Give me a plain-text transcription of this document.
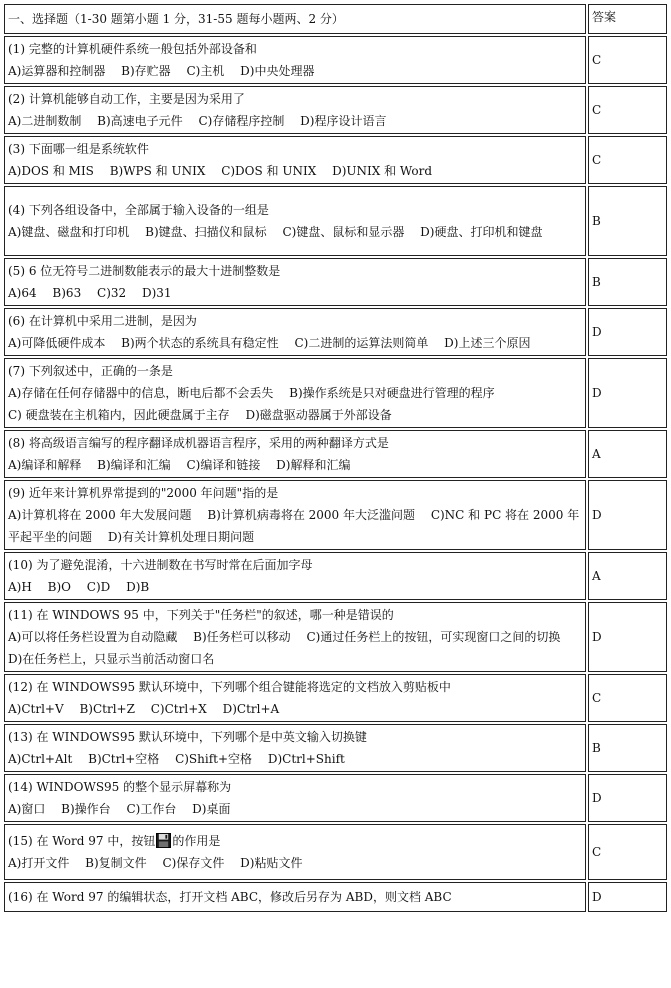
一、选择题（1-30 题第小题 1 分，31-55 题每小题两、2 分）	答案

(1) 完整的计算机硬件系统一般包括外部设备和
A)运算器和控制器　 B)存贮器　 C)主机　 D)中央处理器	C

(2) 计算机能够自动工作，主要是因为采用了
A)二进制数制　 B)高速电子元件　 C)存储程序控制　 D)程序设计语言	C

(3) 下面哪一组是系统软件
A)DOS 和 MIS　 B)WPS 和 UNIX　 C)DOS 和 UNIX　 D)UNIX 和 Word	C

(4) 下列各组设备中，全部属于输入设备的一组是
A)键盘、磁盘和打印机　 B)键盘、扫描仪和鼠标　 C)键盘、鼠标和显示器　 D)硬盘、打印机和键盘	B

(5) 6 位无符号二进制数能表示的最大十进制整数是
A)64　 B)63　 C)32　 D)31	B

(6) 在计算机中采用二进制，是因为
A)可降低硬件成本　 B)两个状态的系统具有稳定性　 C)二进制的运算法则简单　 D)上述三个原因	D

(7) 下列叙述中，正确的一条是
A)存储在任何存储器中的信息，断电后都不会丢失　 B)操作系统是只对硬盘进行管理的程序
C) 硬盘装在主机箱内，因此硬盘属于主存　 D)磁盘驱动器属于外部设备	D

(8) 将高级语言编写的程序翻译成机器语言程序，采用的两种翻译方式是
A)编译和解释　 B)编译和汇编　 C)编译和链接　 D)解释和汇编	A

(9) 近年来计算机界常提到的"2000 年问题"指的是
A)计算机将在 2000 年大发展问题　 B)计算机病毒将在 2000 年大泛滥问题　 C)NC 和 PC 将在 2000 年平起平坐的问题　 D)有关计算机处理日期问题	D

(10) 为了避免混淆，十六进制数在书写时常在后面加字母
A)H　 B)O　 C)D　 D)B	A

(11) 在 WINDOWS 95 中，下列关于"任务栏"的叙述，哪一种是错误的
A)可以将任务栏设置为自动隐藏　 B)任务栏可以移动　 C)通过任务栏上的按钮，可实现窗口之间的切换　 D)在任务栏上，只显示当前活动窗口名	D

(12) 在 WINDOWS95 默认环境中，下列哪个组合键能将选定的文档放入剪贴板中
A)Ctrl+V　 B)Ctrl+Z　 C)Ctrl+X　 D)Ctrl+A	C

(13) 在 WINDOWS95 默认环境中，下列哪个是中英文输入切换键
A)Ctrl+Alt　 B)Ctrl+空格　 C)Shift+空格　 D)Ctrl+Shift	B

(14) WINDOWS95 的整个显示屏幕称为
A)窗口　 B)操作台　 C)工作台　 D)桌面	D

(15) 在 Word 97 中，按钮 的作用是
A)打开文件　 B)复制文件　 C)保存文件　 D)粘贴文件	C

(16) 在 Word 97 的编辑状态，打开文档 ABC，修改后另存为 ABD，则文档 ABC	D
